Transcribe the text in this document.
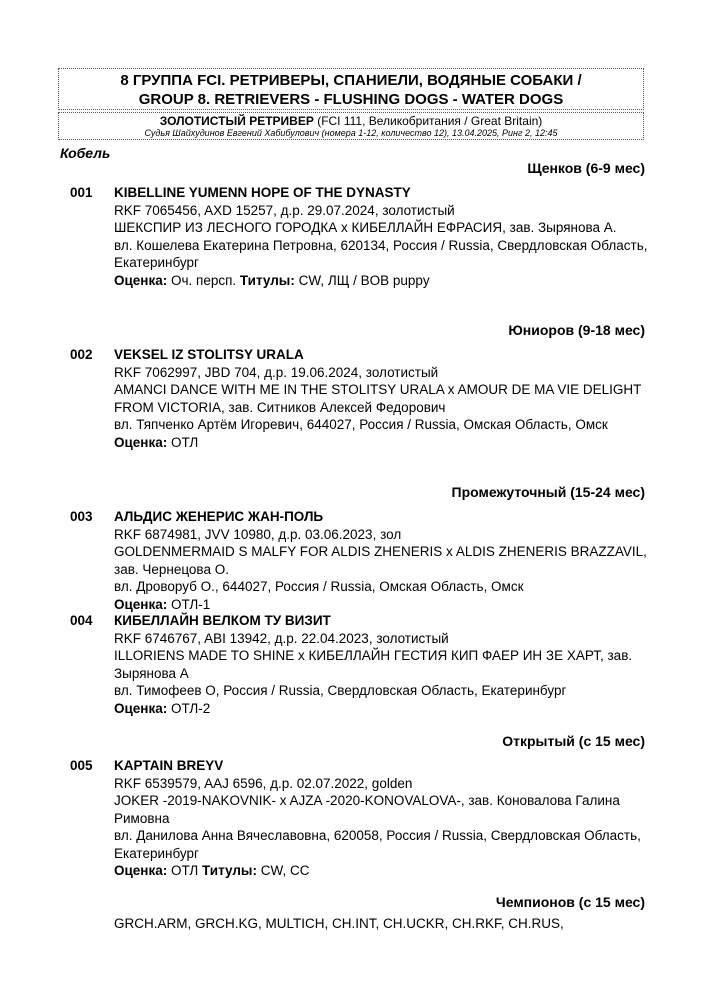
8 ГРУППА FCI. РЕТРИВЕРЫ, СПАНИЕЛИ, ВОДЯНЫЕ СОБАКИ /
GROUP 8. RETRIEVERS - FLUSHING DOGS - WATER DOGS
ЗОЛОТИСТЫЙ РЕТРИВЕР (FCI 111, Великобритания / Great Britain)
Судья Шайхудинов Евгений Хабибулович (номера 1-12, количество 12), 13.04.2025, Ринг 2, 12:45
Кобель
Щенков (6-9 мес)
001	KIBELLINE YUMENN HOPE OF THE DYNASTY
RKF 7065456, AXD 15257, д.р. 29.07.2024, золотистый
ШЕКСПИР ИЗ ЛЕСНОГО ГОРОДКА x КИБЕЛЛАЙН ЕФРАСИЯ, зав. Зырянова А.
вл. Кошелева Екатерина Петровна, 620134, Россия / Russia, Свердловская Область, Екатеринбург
Оценка: Оч. персп. Титулы: CW, ЛЩ / BOB puppy
Юниоров (9-18 мес)
002	VEKSEL IZ STOLITSY URALA
RKF 7062997, JBD 704, д.р. 19.06.2024, золотистый
AMANCI DANCE WITH ME IN THE STOLITSY URALA x AMOUR DE MA VIE DELIGHT FROM VICTORIA, зав. Ситников Алексей Федорович
вл. Тяпченко Артём Игоревич, 644027, Россия / Russia, Омская Область, Омск
Оценка: ОТЛ
Промежуточный (15-24 мес)
003	АЛЬДИС ЖЕНЕРИС ЖАН-ПОЛЬ
RKF 6874981, JVV 10980, д.р. 03.06.2023, зол
GOLDENMERMAID S MALFY FOR ALDIS ZHENERIS x ALDIS ZHENERIS BRAZZAVIL, зав. Чернецова О.
вл. Дроворуб О., 644027, Россия / Russia, Омская Область, Омск
Оценка: ОТЛ-1
004	КИБЕЛЛАЙН ВЕЛКОМ ТУ ВИЗИТ
RKF 6746767, ABI 13942, д.р. 22.04.2023, золотистый
ILLORIENS MADE TO SHINE x КИБЕЛЛАЙН ГЕСТИЯ КИП ФАЕР ИН ЗЕ ХАРТ, зав. Зырянова А
вл. Тимофеев О, Россия / Russia, Свердловская Область, Екатеринбург
Оценка: ОТЛ-2
Открытый (с 15 мес)
005	KAPTAIN BREYV
RKF 6539579, AAJ 6596, д.р. 02.07.2022, golden
JOKER -2019-NAKOVNIK- x AJZA -2020-KONOVALOVA-, зав. Коновалова Галина Римовна
вл. Данилова Анна Вячеславовна, 620058, Россия / Russia, Свердловская Область, Екатеринбург
Оценка: ОТЛ Титулы: CW, CC
Чемпионов (с 15 мес)
GRCH.ARM, GRCH.KG, MULTICH, CH.INT, CH.UCKR, CH.RKF, CH.RUS,
